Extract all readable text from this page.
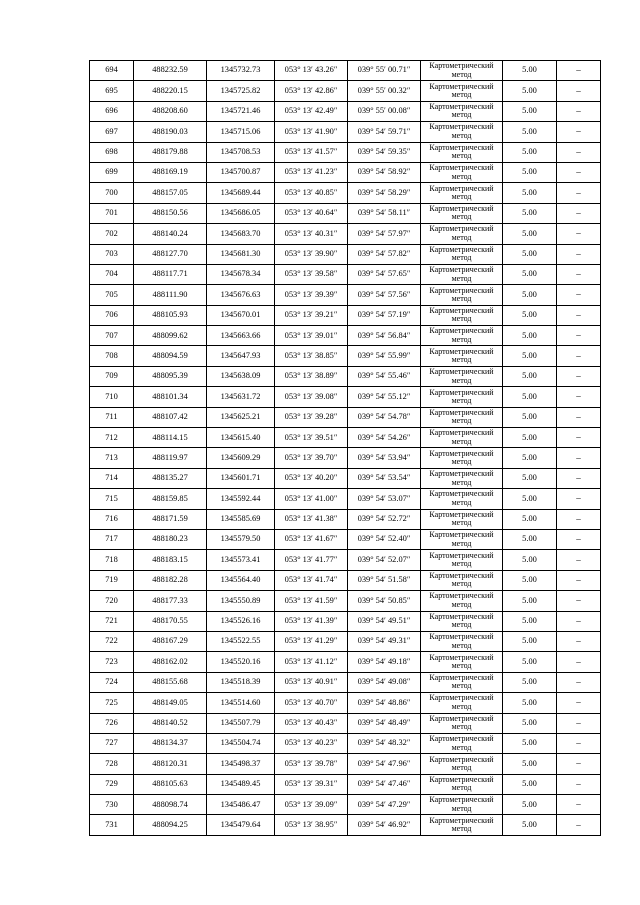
694	488232.59	1345732.73	053° 13′ 43.26″	039° 55′ 00.71″	Картометрический
метод	5.00	–
695	488220.15	1345725.82	053° 13′ 42.86″	039° 55′ 00.32″	Картометрический
метод	5.00	–
696	488208.60	1345721.46	053° 13′ 42.49″	039° 55′ 00.08″	Картометрический
метод	5.00	–
697	488190.03	1345715.06	053° 13′ 41.90″	039° 54′ 59.71″	Картометрический
метод	5.00	–
698	488179.88	1345708.53	053° 13′ 41.57″	039° 54′ 59.35″	Картометрический
метод	5.00	–
699	488169.19	1345700.87	053° 13′ 41.23″	039° 54′ 58.92″	Картометрический
метод	5.00	–
700	488157.05	1345689.44	053° 13′ 40.85″	039° 54′ 58.29″	Картометрический
метод	5.00	–
701	488150.56	1345686.05	053° 13′ 40.64″	039° 54′ 58.11″	Картометрический
метод	5.00	–
702	488140.24	1345683.70	053° 13′ 40.31″	039° 54′ 57.97″	Картометрический
метод	5.00	–
703	488127.70	1345681.30	053° 13′ 39.90″	039° 54′ 57.82″	Картометрический
метод	5.00	–
704	488117.71	1345678.34	053° 13′ 39.58″	039° 54′ 57.65″	Картометрический
метод	5.00	–
705	488111.90	1345676.63	053° 13′ 39.39″	039° 54′ 57.56″	Картометрический
метод	5.00	–
706	488105.93	1345670.01	053° 13′ 39.21″	039° 54′ 57.19″	Картометрический
метод	5.00	–
707	488099.62	1345663.66	053° 13′ 39.01″	039° 54′ 56.84″	Картометрический
метод	5.00	–
708	488094.59	1345647.93	053° 13′ 38.85″	039° 54′ 55.99″	Картометрический
метод	5.00	–
709	488095.39	1345638.09	053° 13′ 38.89″	039° 54′ 55.46″	Картометрический
метод	5.00	–
710	488101.34	1345631.72	053° 13′ 39.08″	039° 54′ 55.12″	Картометрический
метод	5.00	–
711	488107.42	1345625.21	053° 13′ 39.28″	039° 54′ 54.78″	Картометрический
метод	5.00	–
712	488114.15	1345615.40	053° 13′ 39.51″	039° 54′ 54.26″	Картометрический
метод	5.00	–
713	488119.97	1345609.29	053° 13′ 39.70″	039° 54′ 53.94″	Картометрический
метод	5.00	–
714	488135.27	1345601.71	053° 13′ 40.20″	039° 54′ 53.54″	Картометрический
метод	5.00	–
715	488159.85	1345592.44	053° 13′ 41.00″	039° 54′ 53.07″	Картометрический
метод	5.00	–
716	488171.59	1345585.69	053° 13′ 41.38″	039° 54′ 52.72″	Картометрический
метод	5.00	–
717	488180.23	1345579.50	053° 13′ 41.67″	039° 54′ 52.40″	Картометрический
метод	5.00	–
718	488183.15	1345573.41	053° 13′ 41.77″	039° 54′ 52.07″	Картометрический
метод	5.00	–
719	488182.28	1345564.40	053° 13′ 41.74″	039° 54′ 51.58″	Картометрический
метод	5.00	–
720	488177.33	1345550.89	053° 13′ 41.59″	039° 54′ 50.85″	Картометрический
метод	5.00	–
721	488170.55	1345526.16	053° 13′ 41.39″	039° 54′ 49.51″	Картометрический
метод	5.00	–
722	488167.29	1345522.55	053° 13′ 41.29″	039° 54′ 49.31″	Картометрический
метод	5.00	–
723	488162.02	1345520.16	053° 13′ 41.12″	039° 54′ 49.18″	Картометрический
метод	5.00	–
724	488155.68	1345518.39	053° 13′ 40.91″	039° 54′ 49.08″	Картометрический
метод	5.00	–
725	488149.05	1345514.60	053° 13′ 40.70″	039° 54′ 48.86″	Картометрический
метод	5.00	–
726	488140.52	1345507.79	053° 13′ 40.43″	039° 54′ 48.49″	Картометрический
метод	5.00	–
727	488134.37	1345504.74	053° 13′ 40.23″	039° 54′ 48.32″	Картометрический
метод	5.00	–
728	488120.31	1345498.37	053° 13′ 39.78″	039° 54′ 47.96″	Картометрический
метод	5.00	–
729	488105.63	1345489.45	053° 13′ 39.31″	039° 54′ 47.46″	Картометрический
метод	5.00	–
730	488098.74	1345486.47	053° 13′ 39.09″	039° 54′ 47.29″	Картометрический
метод	5.00	–
731	488094.25	1345479.64	053° 13′ 38.95″	039° 54′ 46.92″	Картометрический
метод	5.00	–
